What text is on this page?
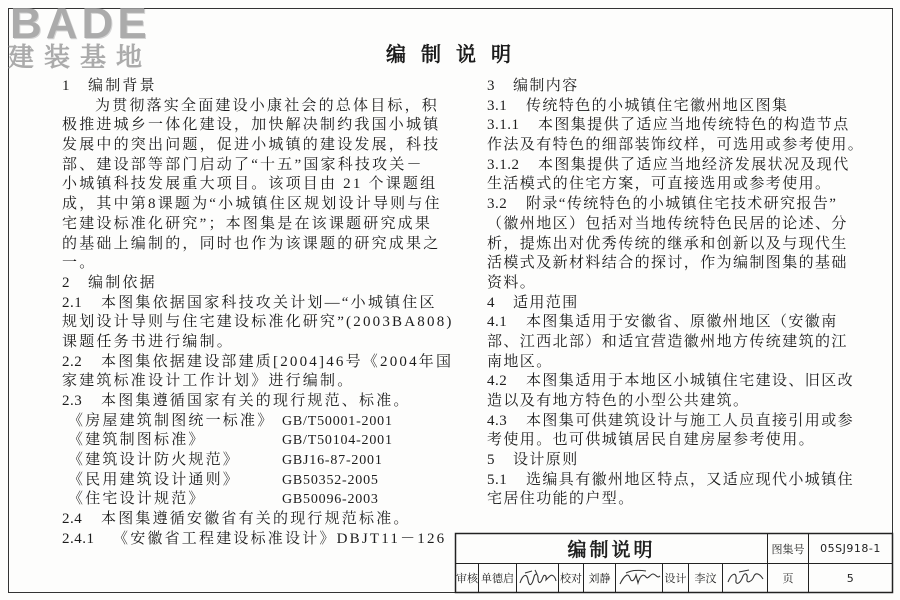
BADE
建装基地	编制说明
1 编制背景
为贯彻落实全面建设小康社会的总体目标，积
极推进城乡一体化建设，加快解决制约我国小城镇
发展中的突出问题，促进小城镇的建设发展，科技
部、建设部等部门启动了“十五”国家科技攻关－
小城镇科技发展重大项目。该项目由 21 个课题组
成，其中第8课题为“小城镇住区规划设计导则与住
宅建设标准化研究”；本图集是在该课题研究成果
的基础上编制的，同时也作为该课题的研究成果之
一。
2 编制依据
2.1 本图集依据国家科技攻关计划—“小城镇住区
规划设计导则与住宅建设标准化研究”(2003BA808)
课题任务书进行编制。
2.2 本图集依据建设部建质[2004]46号《2004年国
家建筑标准设计工作计划》进行编制。
2.3 本图集遵循国家有关的现行规范、标准。
《房屋建筑制图统一标准》 GB/T50001-2001
《建筑制图标准》	GB/T50104-2001
《建筑设计防火规范》	GBJ16-87-2001
《民用建筑设计通则》	GB50352-2005
《住宅设计规范》	GB50096-2003
2.4 本图集遵循安徽省有关的现行规范标准。
2.4.1 《安徽省工程建设标准设计》DBJT11－126
3 编制内容
3.1 传统特色的小城镇住宅徽州地区图集
3.1.1 本图集提供了适应当地传统特色的构造节点
作法及有特色的细部装饰纹样，可选用或参考使用。
3.1.2 本图集提供了适应当地经济发展状况及现代
生活模式的住宅方案，可直接选用或参考使用。
3.2 附录“传统特色的小城镇住宅技术研究报告”
（徽州地区）包括对当地传统特色民居的论述、分
析，提炼出对优秀传统的继承和创新以及与现代生
活模式及新材料结合的探讨，作为编制图集的基础
资料。
4 适用范围
4.1 本图集适用于安徽省、原徽州地区（安徽南
部、江西北部）和适宜营造徽州地方传统建筑的江
南地区。
4.2 本图集适用于本地区小城镇住宅建设、旧区改
造以及有地方特色的小型公共建筑。
4.3 本图集可供建筑设计与施工人员直接引用或参
考使用。也可供城镇居民自建房屋参考使用。
5 设计原则
5.1 选编具有徽州地区特点，又适应现代小城镇住
宅居住功能的户型。
编制说明	图集号	05SJ918-1
审核 单德启	校对 刘静	设计 李汶	页	5
